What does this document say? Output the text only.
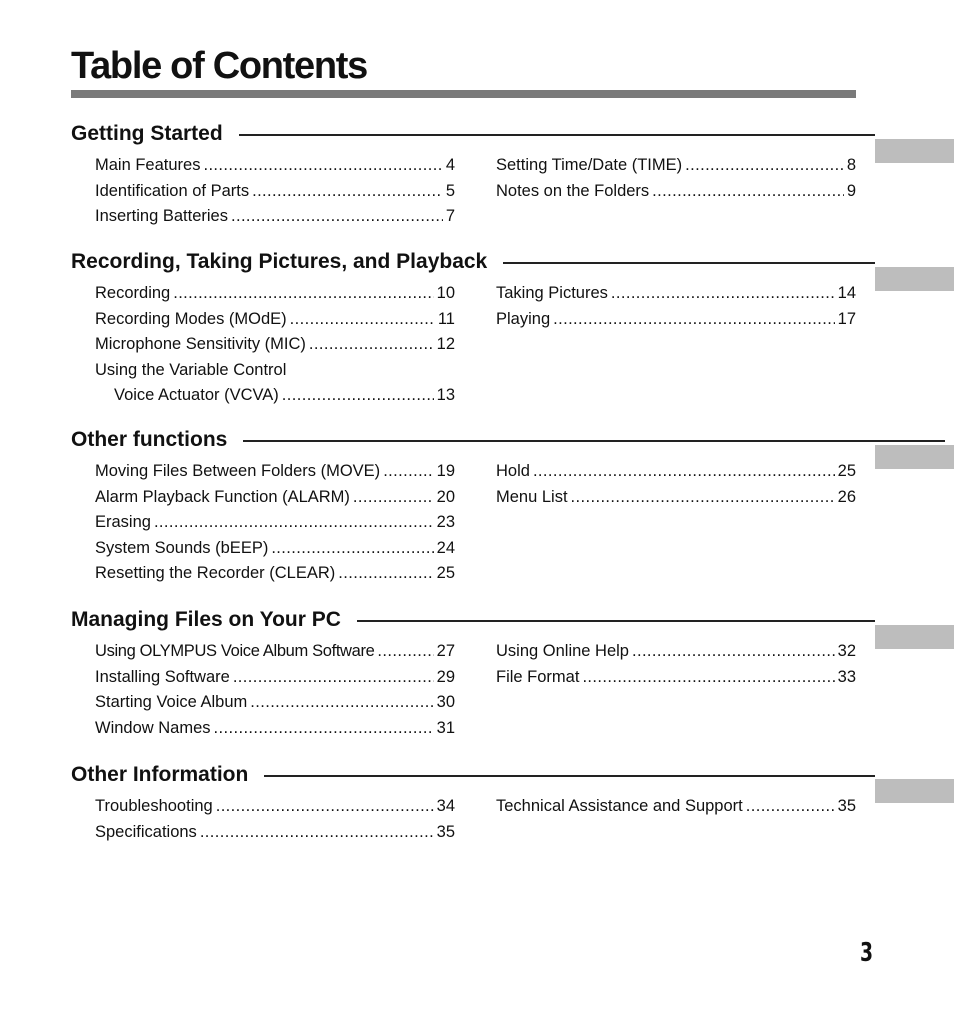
Table of Contents
Getting Started
Main Features .....	4
Identification of Parts .....	5
Inserting Batteries .....	7
Setting Time/Date (TIME) .....	8
Notes on the Folders .....	9
Recording, Taking Pictures, and Playback
Recording .....	10
Recording Modes (MOdE) .....	11
Microphone Sensitivity (MIC) .....	12
Using the Variable Control
Voice Actuator (VCVA) .....	13
Taking Pictures .....	14
Playing .....	17
Other functions
Moving Files Between Folders (MOVE) .....	19
Alarm Playback Function (ALARM) .....	20
Erasing .....	23
System Sounds (bEEP) .....	24
Resetting the Recorder (CLEAR) .....	25
Hold .....	25
Menu List .....	26
Managing Files on Your PC
Using OLYMPUS Voice Album Software .....	27
Installing Software .....	29
Starting Voice Album .....	30
Window Names .....	31
Using Online Help .....	32
File Format .....	33
Other Information
Troubleshooting .....	34
Specifications .....	35
Technical Assistance and Support .....	35
3
